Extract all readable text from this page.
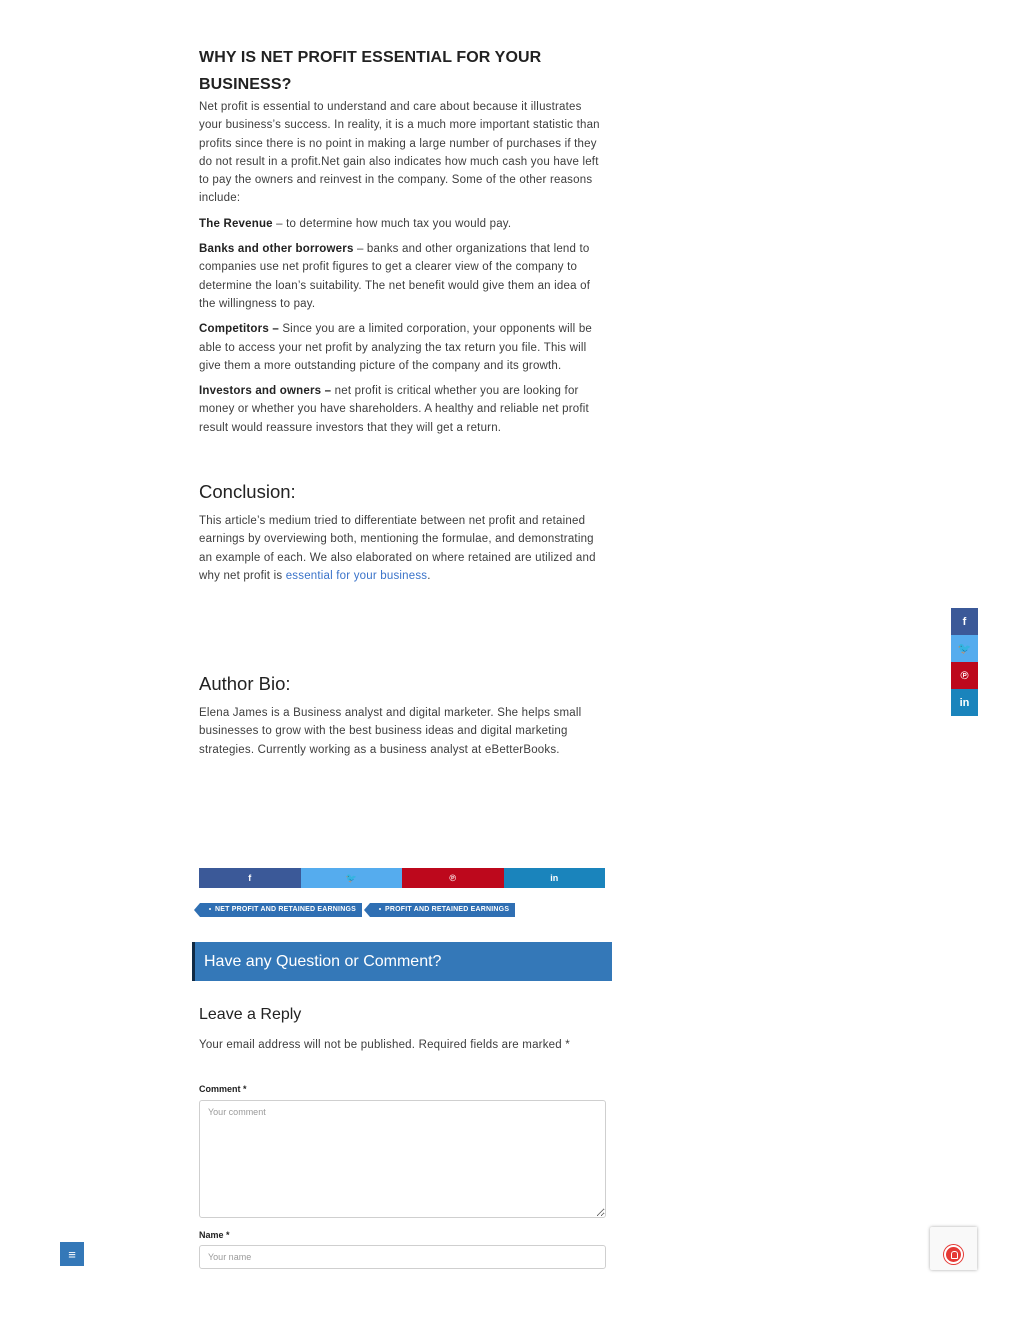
WHY IS NET PROFIT ESSENTIAL FOR YOUR BUSINESS?

Net profit is essential to understand and care about because it illustrates your business’s success. In reality, it is a much more important statistic than profits since there is no point in making a large number of purchases if they do not result in a profit.Net gain also indicates how much cash you have left to pay the owners and reinvest in the company. Some of the other reasons include:

The Revenue – to determine how much tax you would pay.

Banks and other borrowers – banks and other organizations that lend to companies use net profit figures to get a clearer view of the company to determine the loan’s suitability. The net benefit would give them an idea of the willingness to pay.

Competitors – Since you are a limited corporation, your opponents will be able to access your net profit by analyzing the tax return you file. This will give them a more outstanding picture of the company and its growth.

Investors and owners – net profit is critical whether you are looking for money or whether you have shareholders. A healthy and reliable net profit result would reassure investors that they will get a return.

Conclusion:

This article’s medium tried to differentiate between net profit and retained earnings by overviewing both, mentioning the formulae, and demonstrating an example of each. We also elaborated on where retained are utilized and why net profit is essential for your business.

Author Bio:

Elena James is a Business analyst and digital marketer. She helps small businesses to grow with the best business ideas and digital marketing strategies. Currently working as a business analyst at eBetterBooks.

f	🐦	℗	in
NET PROFIT AND RETAINED EARNINGS	PROFIT AND RETAINED EARNINGS
Have any Question or Comment?
Leave a Reply

Your email address will not be published. Required fields are marked *

Comment *
Your comment
Name *
Your name
f
🐦
℗
in
≡
